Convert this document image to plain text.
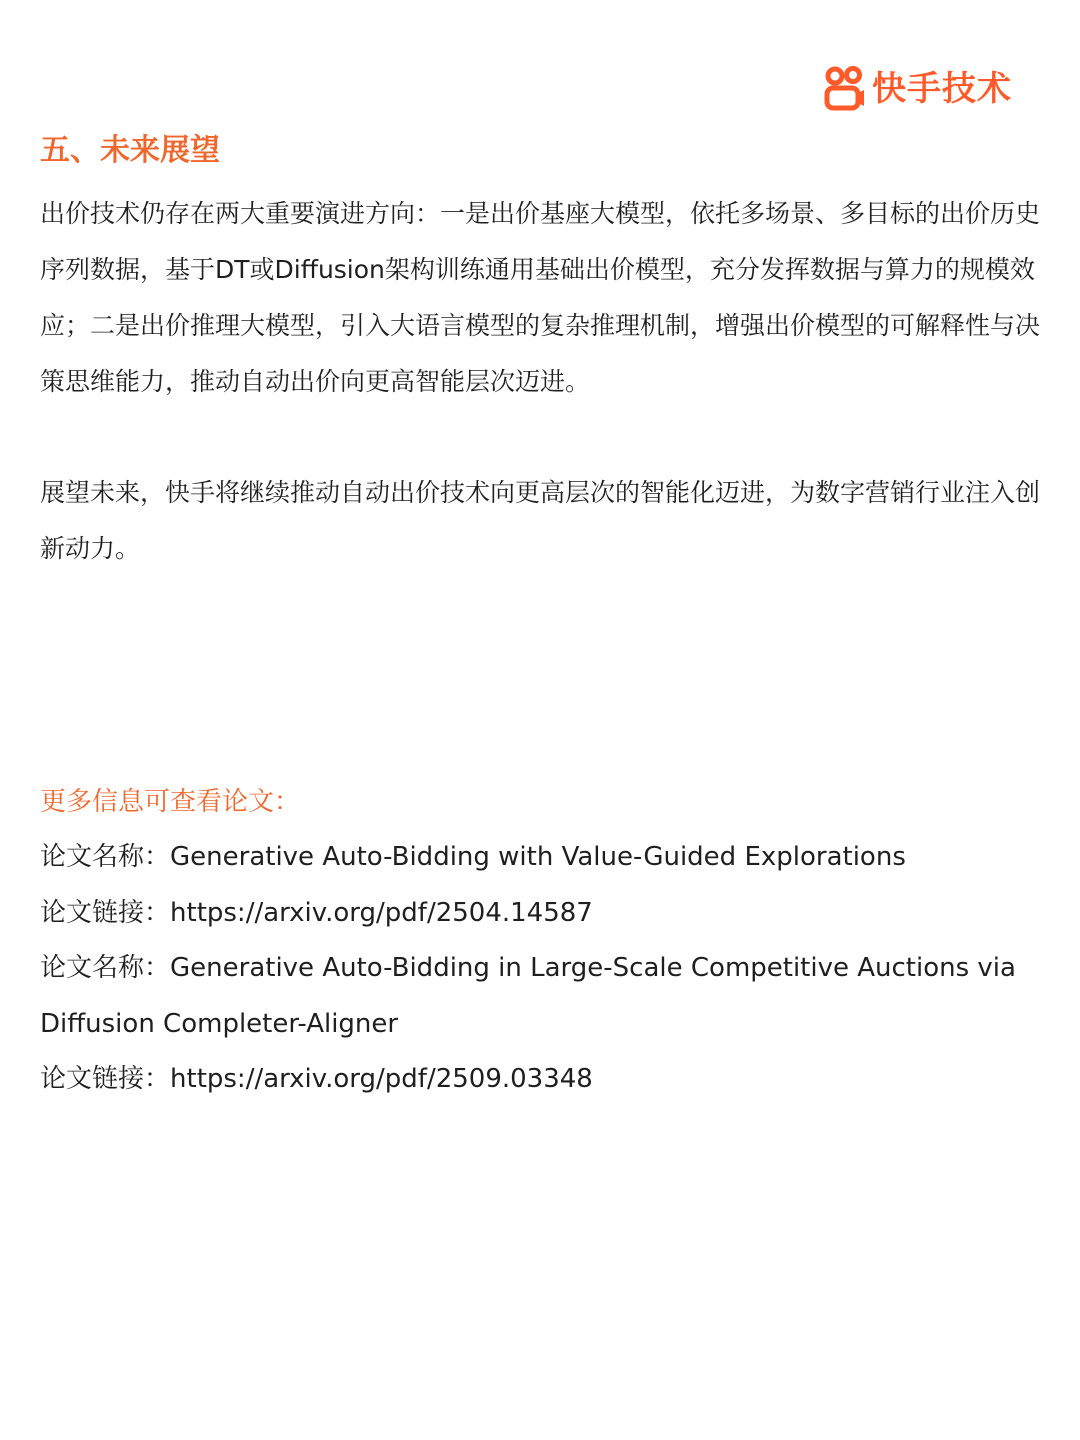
快手技术
五、未来展望

出价技术仍存在两大重要演进方向：一是出价基座大模型，依托多场景、多目标的出价历史序列数据，基于DT或Diffusion架构训练通用基础出价模型，充分发挥数据与算力的规模效应；二是出价推理大模型，引入大语言模型的复杂推理机制，增强出价模型的可解释性与决策思维能力，推动自动出价向更高智能层次迈进。

展望未来，快手将继续推动自动出价技术向更高层次的智能化迈进，为数字营销行业注入创新动力。

更多信息可查看论文：
论文名称：Generative Auto-Bidding with Value-Guided Explorations
论文链接：https://arxiv.org/pdf/2504.14587
论文名称：Generative Auto-Bidding in Large-Scale Competitive Auctions via Diffusion Completer-Aligner
论文链接：https://arxiv.org/pdf/2509.03348
